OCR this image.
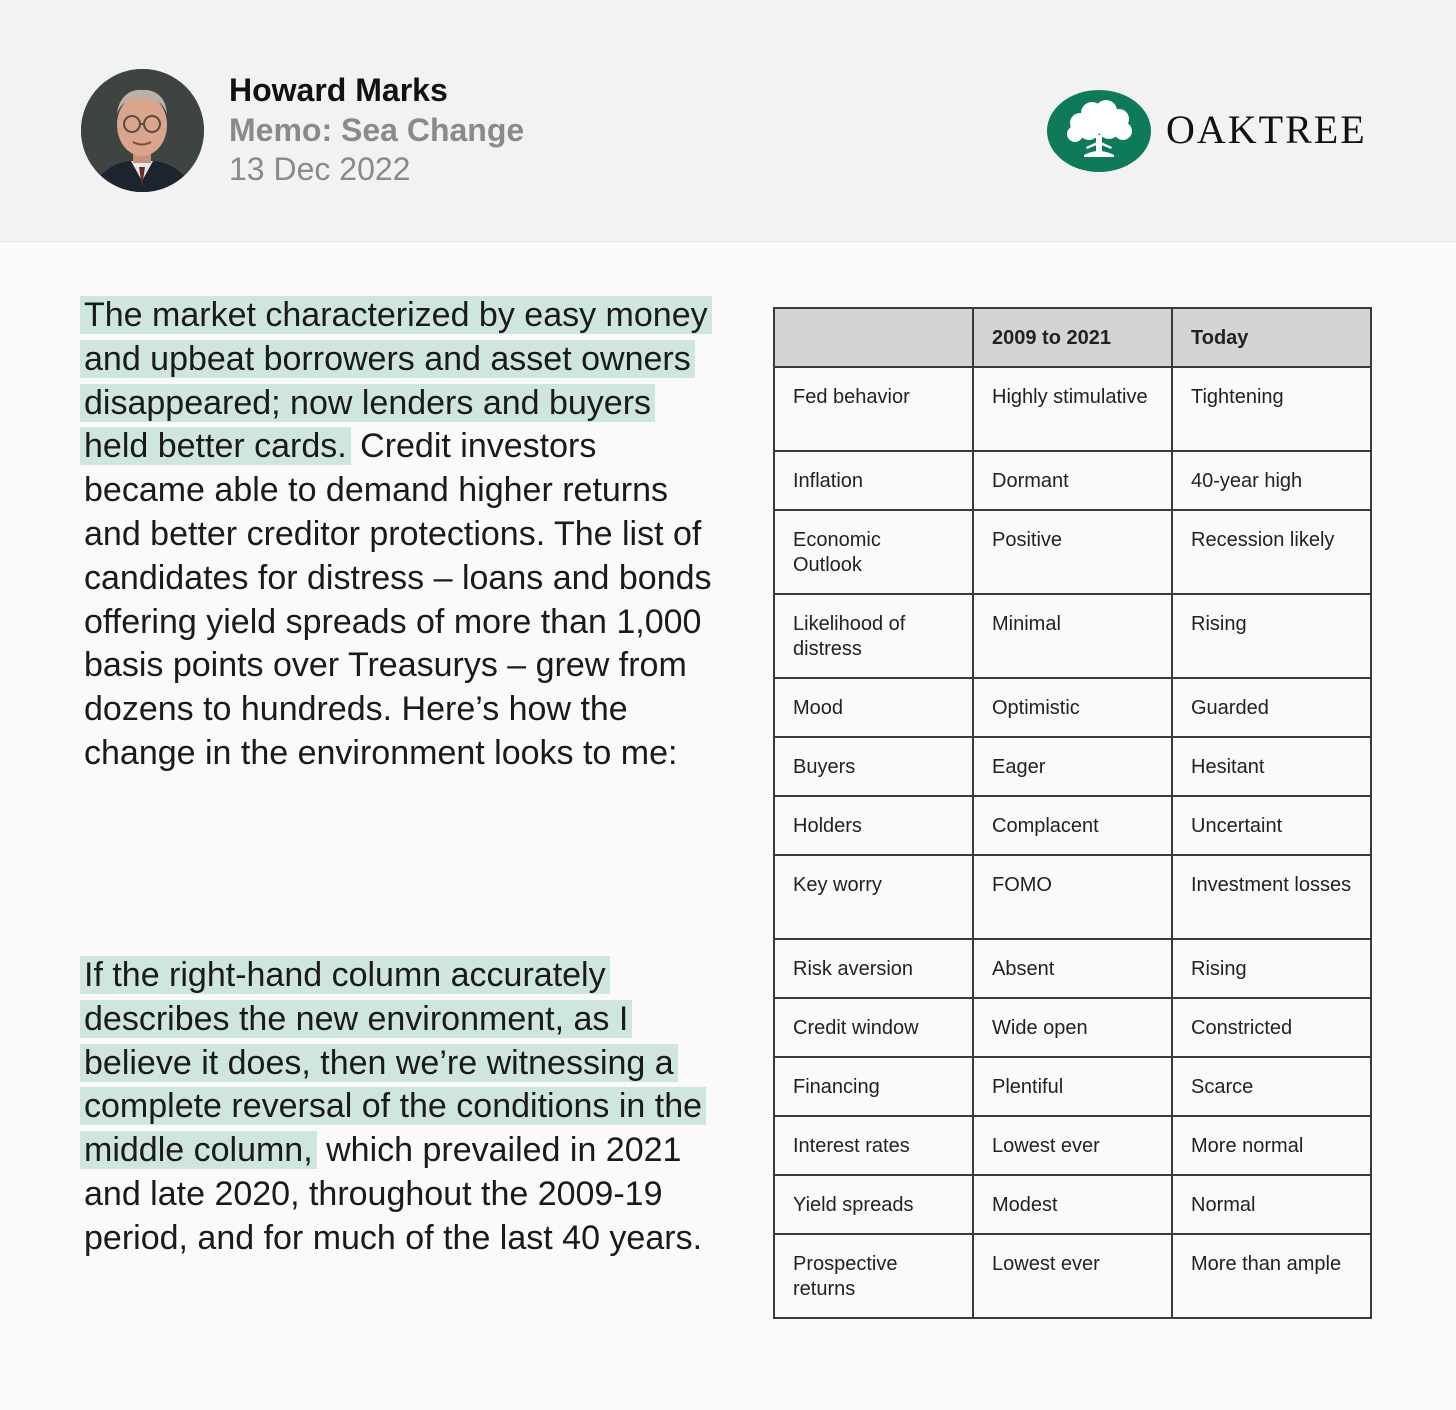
Howard Marks
Memo: Sea Change
13 Dec 2022
OAKTREE
The market characterized by easy money and upbeat borrowers and asset owners disappeared; now lenders and buyers held better cards. Credit investors became able to demand higher returns and better creditor protections. The list of candidates for distress – loans and bonds offering yield spreads of more than 1,000 basis points over Treasurys – grew from dozens to hundreds. Here’s how the change in the environment looks to me:
If the right-hand column accurately describes the new environment, as I believe it does, then we’re witnessing a complete reversal of the conditions in the middle column, which prevailed in 2021 and late 2020, throughout the 2009-19 period, and for much of the last 40 years.
	2009 to 2021	Today
Fed behavior	Highly stimulative	Tightening
Inflation	Dormant	40-year high
Economic Outlook	Positive	Recession likely
Likelihood of distress	Minimal	Rising
Mood	Optimistic	Guarded
Buyers	Eager	Hesitant
Holders	Complacent	Uncertaint
Key worry	FOMO	Investment losses
Risk aversion	Absent	Rising
Credit window	Wide open	Constricted
Financing	Plentiful	Scarce
Interest rates	Lowest ever	More normal
Yield spreads	Modest	Normal
Prospective returns	Lowest ever	More than ample
